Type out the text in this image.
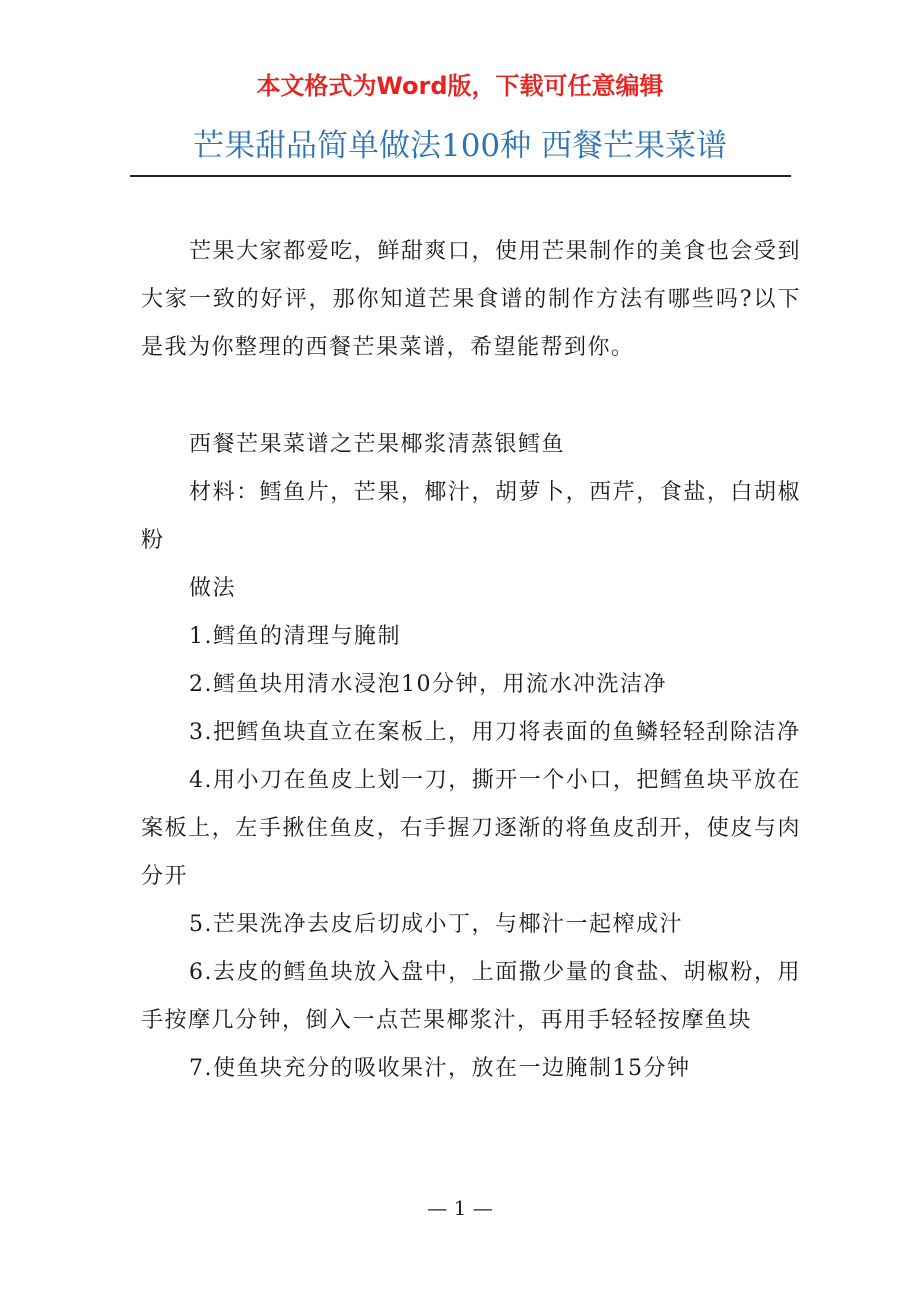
本文格式为Word版，下载可任意编辑
芒果甜品简单做法100种 西餐芒果菜谱

芒果大家都爱吃，鲜甜爽口，使用芒果制作的美食也会受到大家一致的好评，那你知道芒果食谱的制作方法有哪些吗?以下是我为你整理的西餐芒果菜谱，希望能帮到你。

西餐芒果菜谱之芒果椰浆清蒸银鳕鱼

材料：鳕鱼片，芒果，椰汁，胡萝卜，西芹，食盐，白胡椒粉

做法

1.鳕鱼的清理与腌制

2.鳕鱼块用清水浸泡10分钟，用流水冲洗洁净

3.把鳕鱼块直立在案板上，用刀将表面的鱼鳞轻轻刮除洁净

4.用小刀在鱼皮上划一刀，撕开一个小口，把鳕鱼块平放在案板上，左手揪住鱼皮，右手握刀逐渐的将鱼皮刮开，使皮与肉分开

5.芒果洗净去皮后切成小丁，与椰汁一起榨成汁

6.去皮的鳕鱼块放入盘中，上面撒少量的食盐、胡椒粉，用手按摩几分钟，倒入一点芒果椰浆汁，再用手轻轻按摩鱼块

7.使鱼块充分的吸收果汁，放在一边腌制15分钟

— 1 —
